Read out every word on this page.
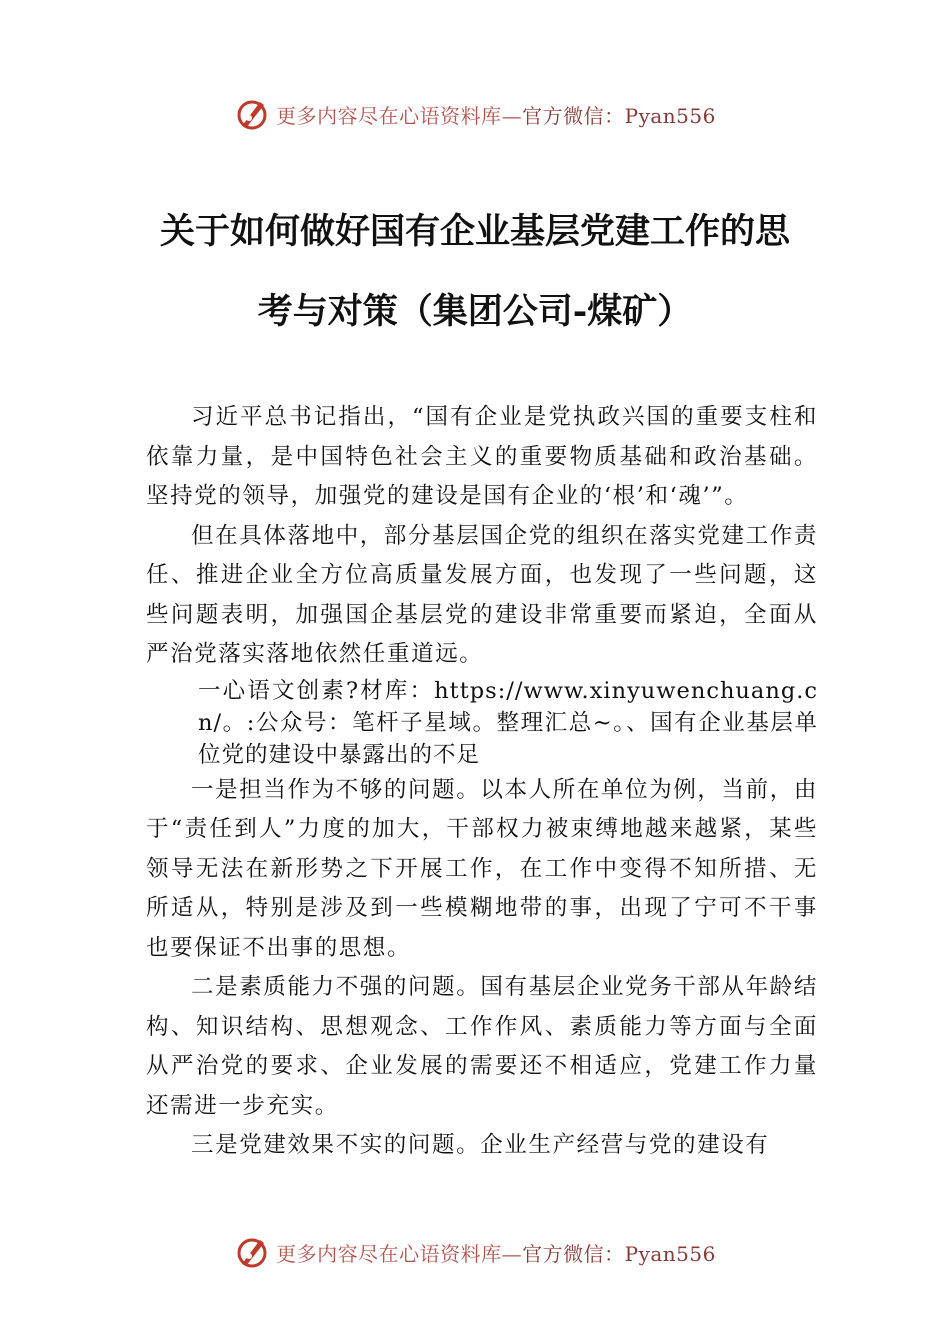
更多内容尽在心语资料库—官方微信：Pyan556
关于如何做好国有企业基层党建工作的思
考与对策（集团公司-煤矿）

习近平总书记指出，“国有企业是党执政兴国的重要支柱和依靠力量，是中国特色社会主义的重要物质基础和政治基础。坚持党的领导，加强党的建设是国有企业的‘根’和‘魂’”。

但在具体落地中，部分基层国企党的组织在落实党建工作责任、推进企业全方位高质量发展方面，也发现了一些问题，这些问题表明，加强国企基层党的建设非常重要而紧迫，全面从严治党落实落地依然任重道远。

一心语文创素?材库：https://www.xinyuwenchuang.cn/。:公众号：笔杆子星域。整理汇总~。、国有企业基层单位党的建设中暴露出的不足

一是担当作为不够的问题。以本人所在单位为例，当前，由于“责任到人”力度的加大，干部权力被束缚地越来越紧，某些领导无法在新形势之下开展工作，在工作中变得不知所措、无所适从，特别是涉及到一些模糊地带的事，出现了宁可不干事也要保证不出事的思想。

二是素质能力不强的问题。国有基层企业党务干部从年龄结构、知识结构、思想观念、工作作风、素质能力等方面与全面从严治党的要求、企业发展的需要还不相适应，党建工作力量还需进一步充实。

三是党建效果不实的问题。企业生产经营与党的建设有

更多内容尽在心语资料库—官方微信：Pyan556
